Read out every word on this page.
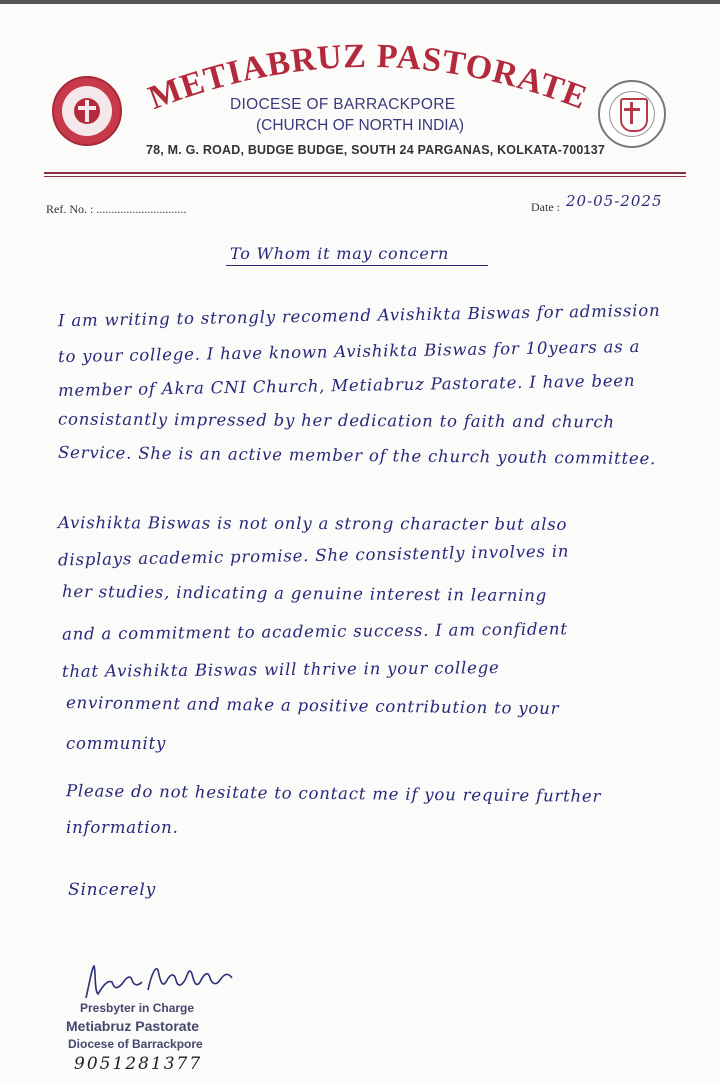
METIABRUZ PASTORATE
DIOCESE OF BARRACKPORE
(CHURCH OF NORTH INDIA)
78, M. G. ROAD, BUDGE BUDGE, SOUTH 24 PARGANAS, KOLKATA-700137
Ref. No. : ..............................	Date : 20-05-2025
To Whom it may concern
I am writing to strongly recomend Avishikta Biswas for admission
to your college. I have known Avishikta Biswas for 10years as a
member of Akra CNI Church, Metiabruz Pastorate. I have been
consistantly impressed by her dedication to faith and church
Service. She is an active member of the church youth committee.
Avishikta Biswas is not only a strong character but also
displays academic promise. She consistently involves in
her studies, indicating a genuine interest in learning
and a commitment to academic success. I am confident
that Avishikta Biswas will thrive in your college
environment and make a positive contribution to your
community
Please do not hesitate to contact me if you require further
information.
Sincerely
Presbyter in Charge
Metiabruz Pastorate
Diocese of Barrackpore
9051281377
